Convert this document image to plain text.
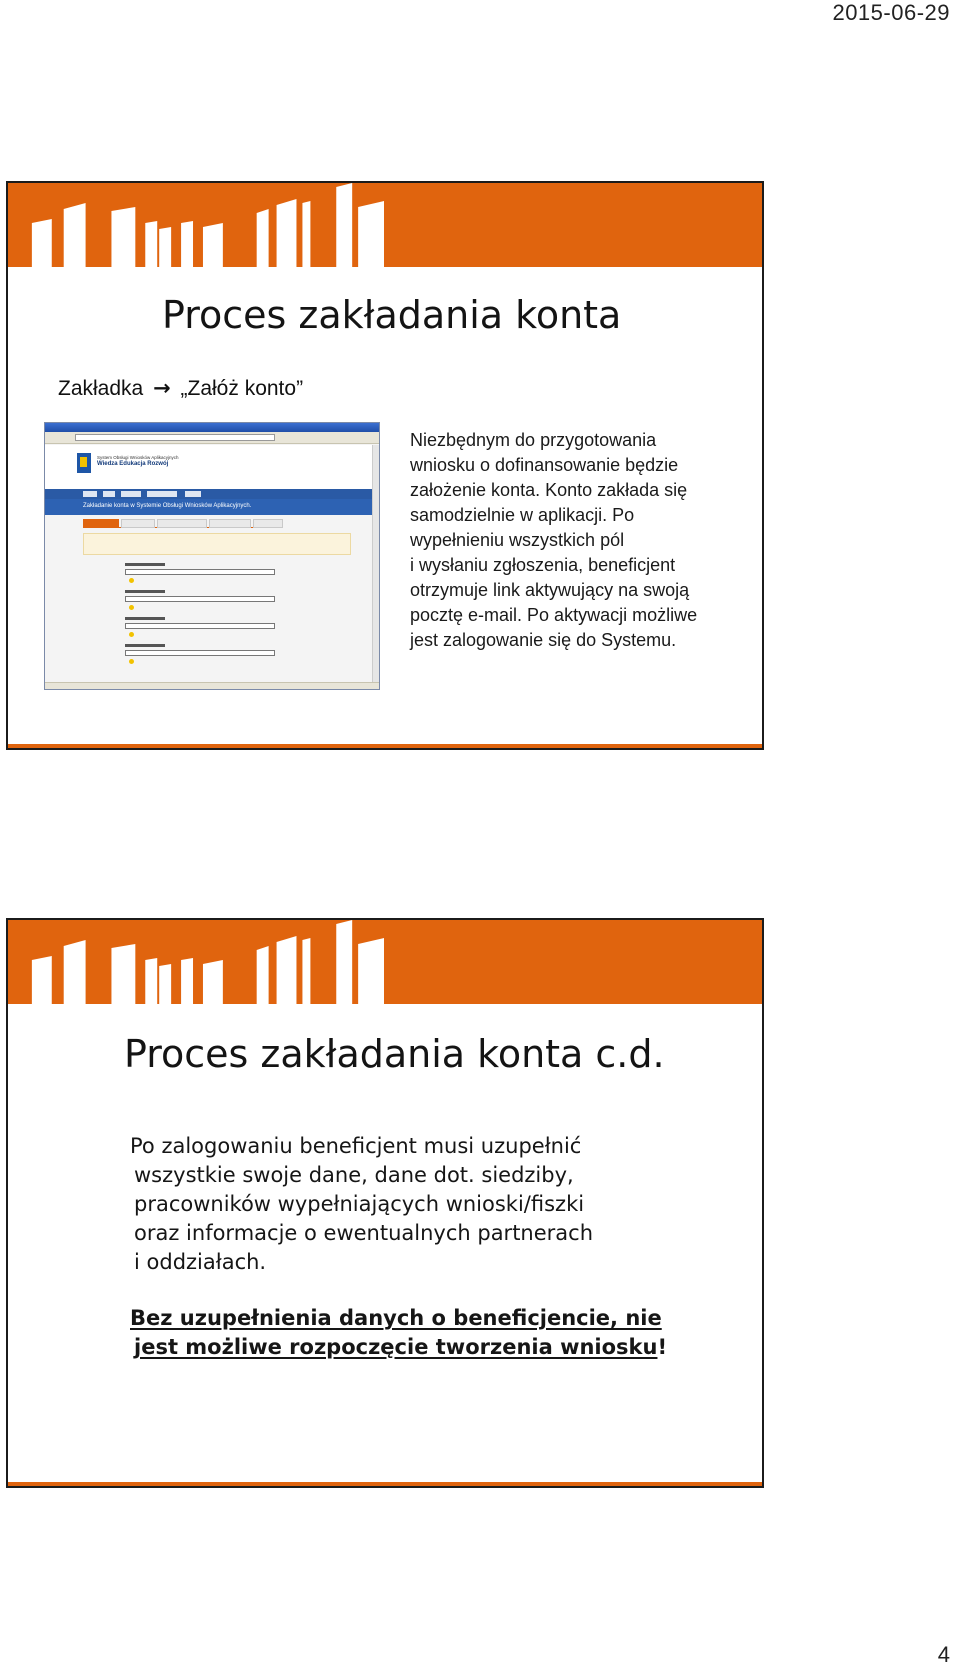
2015-06-29
Proces zakładania konta
Zakładka → „Załóż konto”
System Obsługi Wniosków Aplikacyjnych
Wiedza Edukacja Rozwój
Zakładanie konta w Systemie Obsługi Wniosków Aplikacyjnych.
Niezbędnym do przygotowania
wniosku o dofinansowanie będzie
założenie konta. Konto zakłada się
samodzielnie w aplikacji. Po
wypełnieniu wszystkich pól
i wysłaniu zgłoszenia, beneficjent
otrzymuje link aktywujący na swoją
pocztę e-mail. Po aktywacji możliwe
jest zalogowanie się do Systemu.
Proces zakładania konta c.d.
Po zalogowaniu beneficjent musi uzupełnić
wszystkie swoje dane, dane dot. siedziby,
pracowników wypełniających wnioski/fiszki
oraz informacje o ewentualnych partnerach
i oddziałach.
Bez uzupełnienia danych o beneficjencie, nie
jest możliwe rozpoczęcie tworzenia wniosku!
4
